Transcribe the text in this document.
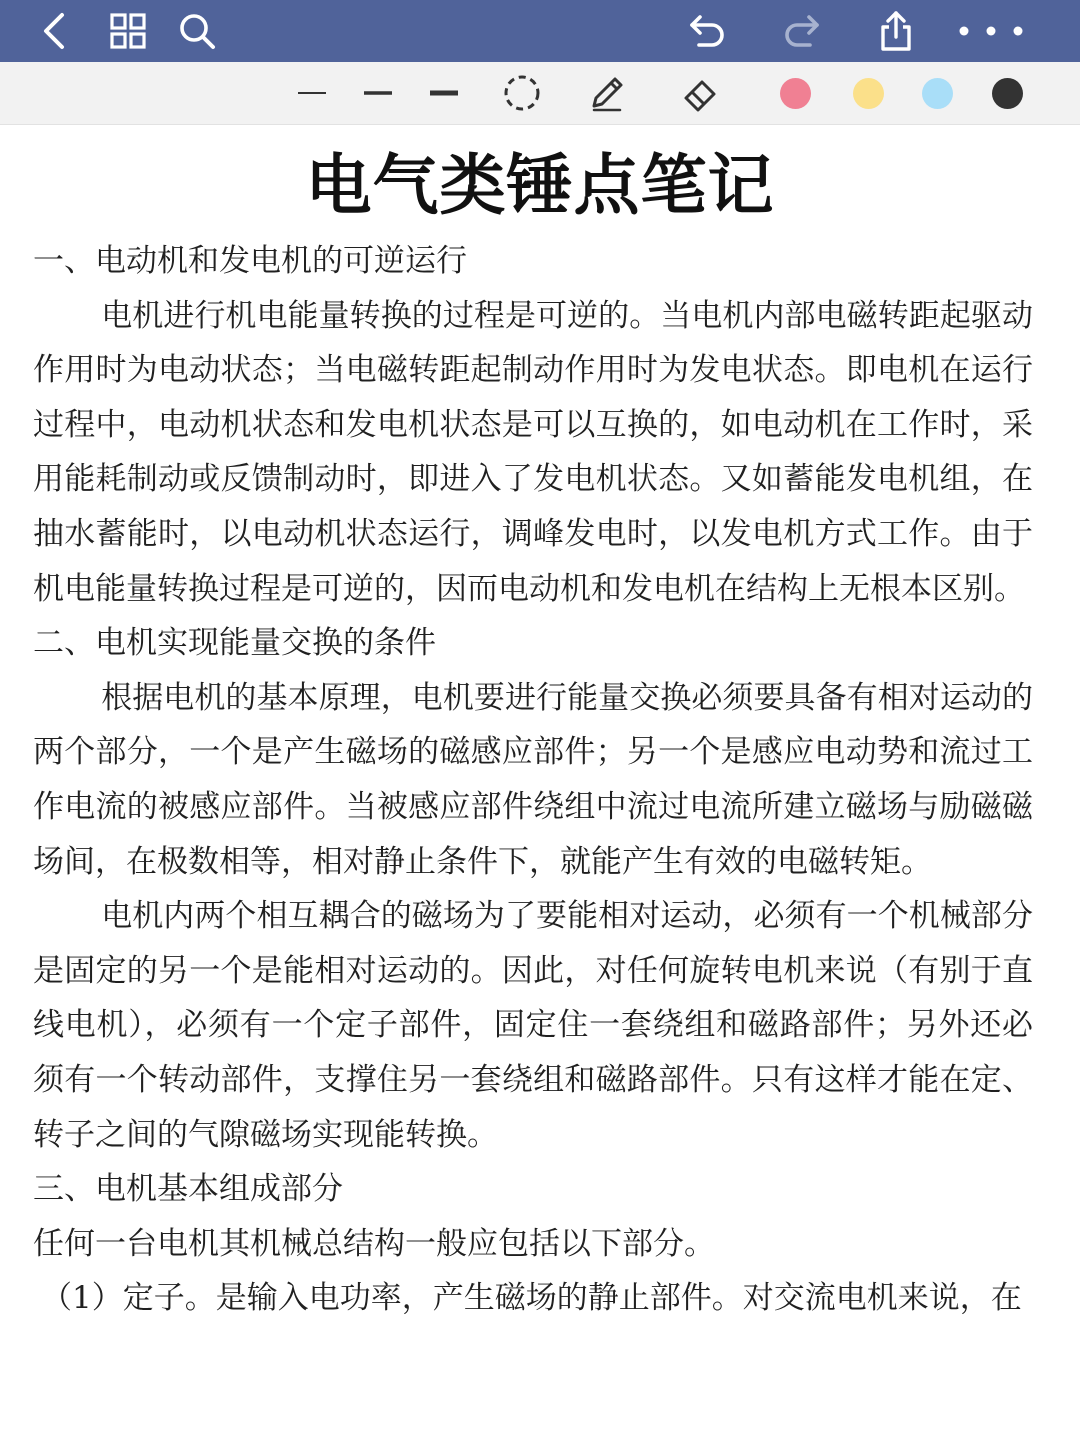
电气类锤点笔记

一、电动机和发电机的可逆运行

电机进行机电能量转换的过程是可逆的。当电机内部电磁转距起驱动作用时为电动状态；当电磁转距起制动作用时为发电状态。即电机在运行过程中，电动机状态和发电机状态是可以互换的，如电动机在工作时，采用能耗制动或反馈制动时，即进入了发电机状态。又如蓄能发电机组，在抽水蓄能时，以电动机状态运行，调峰发电时，以发电机方式工作。由于机电能量转换过程是可逆的，因而电动机和发电机在结构上无根本区别。

二、电机实现能量交换的条件

根据电机的基本原理，电机要进行能量交换必须要具备有相对运动的两个部分，一个是产生磁场的磁感应部件；另一个是感应电动势和流过工作电流的被感应部件。当被感应部件绕组中流过电流所建立磁场与励磁磁场间，在极数相等，相对静止条件下，就能产生有效的电磁转矩。

电机内两个相互耦合的磁场为了要能相对运动，必须有一个机械部分是固定的另一个是能相对运动的。因此，对任何旋转电机来说（有别于直线电机），必须有一个定子部件，固定住一套绕组和磁路部件；另外还必须有一个转动部件，支撑住另一套绕组和磁路部件。只有这样才能在定、转子之间的气隙磁场实现能转换。

三、电机基本组成部分

任何一台电机其机械总结构一般应包括以下部分。

（1）定子。是输入电功率，产生磁场的静止部件。对交流电机来说，在
